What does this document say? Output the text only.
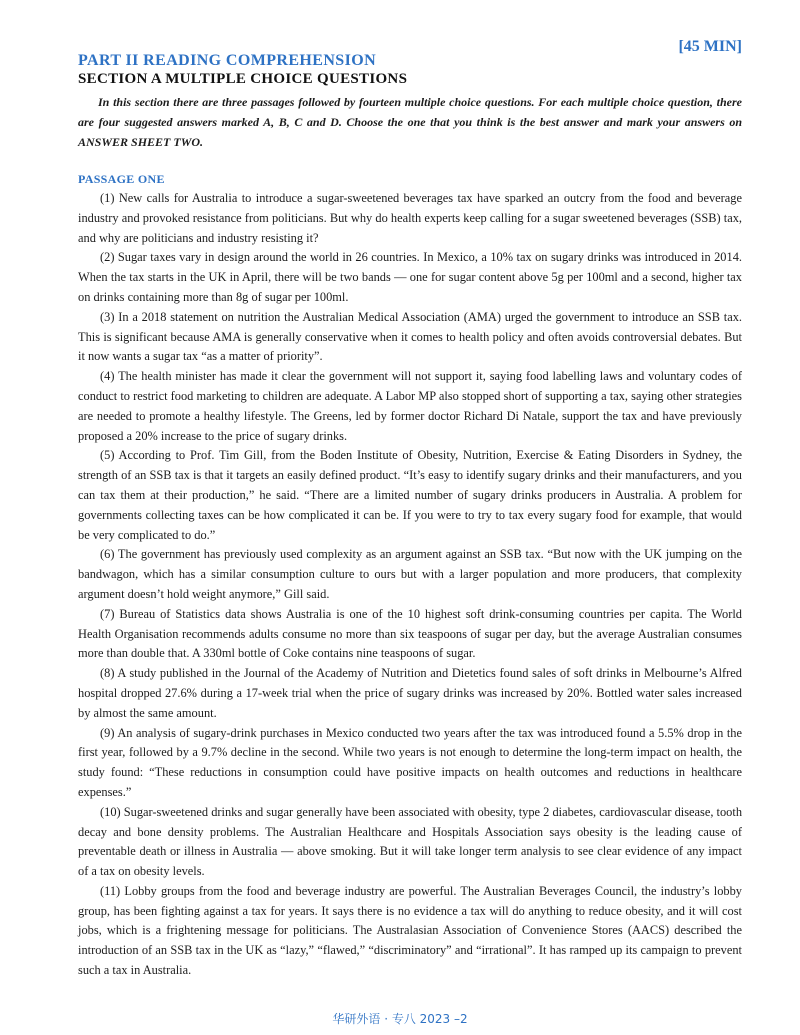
[45 MIN]
PART II READING COMPREHENSION
SECTION A MULTIPLE CHOICE QUESTIONS

In this section there are three passages followed by fourteen multiple choice questions. For each multiple choice question, there are four suggested answers marked A, B, C and D. Choose the one that you think is the best answer and mark your answers on ANSWER SHEET TWO.

PASSAGE ONE

(1) New calls for Australia to introduce a sugar-sweetened beverages tax have sparked an outcry from the food and beverage industry and provoked resistance from politicians. But why do health experts keep calling for a sugar sweetened beverages (SSB) tax, and why are politicians and industry resisting it?

(2) Sugar taxes vary in design around the world in 26 countries. In Mexico, a 10% tax on sugary drinks was introduced in 2014. When the tax starts in the UK in April, there will be two bands — one for sugar content above 5g per 100ml and a second, higher tax on drinks containing more than 8g of sugar per 100ml.

(3) In a 2018 statement on nutrition the Australian Medical Association (AMA) urged the government to introduce an SSB tax. This is significant because AMA is generally conservative when it comes to health policy and often avoids controversial debates. But it now wants a sugar tax “as a matter of priority”.

(4) The health minister has made it clear the government will not support it, saying food labelling laws and voluntary codes of conduct to restrict food marketing to children are adequate. A Labor MP also stopped short of supporting a tax, saying other strategies are needed to promote a healthy lifestyle. The Greens, led by former doctor Richard Di Natale, support the tax and have previously proposed a 20% increase to the price of sugary drinks.

(5) According to Prof. Tim Gill, from the Boden Institute of Obesity, Nutrition, Exercise & Eating Disorders in Sydney, the strength of an SSB tax is that it targets an easily defined product. “It’s easy to identify sugary drinks and their manufacturers, and you can tax them at their production,” he said. “There are a limited number of sugary drinks producers in Australia. A problem for governments collecting taxes can be how complicated it can be. If you were to try to tax every sugary food for example, that would be very complicated to do.”

(6) The government has previously used complexity as an argument against an SSB tax. “But now with the UK jumping on the bandwagon, which has a similar consumption culture to ours but with a larger population and more producers, that complexity argument doesn’t hold weight anymore,” Gill said.

(7) Bureau of Statistics data shows Australia is one of the 10 highest soft drink-consuming countries per capita. The World Health Organisation recommends adults consume no more than six teaspoons of sugar per day, but the average Australian consumes more than double that. A 330ml bottle of Coke contains nine teaspoons of sugar.

(8) A study published in the Journal of the Academy of Nutrition and Dietetics found sales of soft drinks in Melbourne’s Alfred hospital dropped 27.6% during a 17-week trial when the price of sugary drinks was increased by 20%. Bottled water sales increased by almost the same amount.

(9) An analysis of sugary-drink purchases in Mexico conducted two years after the tax was introduced found a 5.5% drop in the first year, followed by a 9.7% decline in the second. While two years is not enough to determine the long-term impact on health, the study found: “These reductions in consumption could have positive impacts on health outcomes and reductions in healthcare expenses.”

(10) Sugar-sweetened drinks and sugar generally have been associated with obesity, type 2 diabetes, cardiovascular disease, tooth decay and bone density problems. The Australian Healthcare and Hospitals Association says obesity is the leading cause of preventable death or illness in Australia — above smoking. But it will take longer term analysis to see clear evidence of any impact of a tax on obesity levels.

(11) Lobby groups from the food and beverage industry are powerful. The Australian Beverages Council, the industry’s lobby group, has been fighting against a tax for years. It says there is no evidence a tax will do anything to reduce obesity, and it will cost jobs, which is a frightening message for politicians. The Australasian Association of Convenience Stores (AACS) described the introduction of an SSB tax in the UK as “lazy,” “flawed,” “discriminatory” and “irrational”. It has ramped up its campaign to prevent such a tax in Australia.

华研外语 · 专八 2023 –2
